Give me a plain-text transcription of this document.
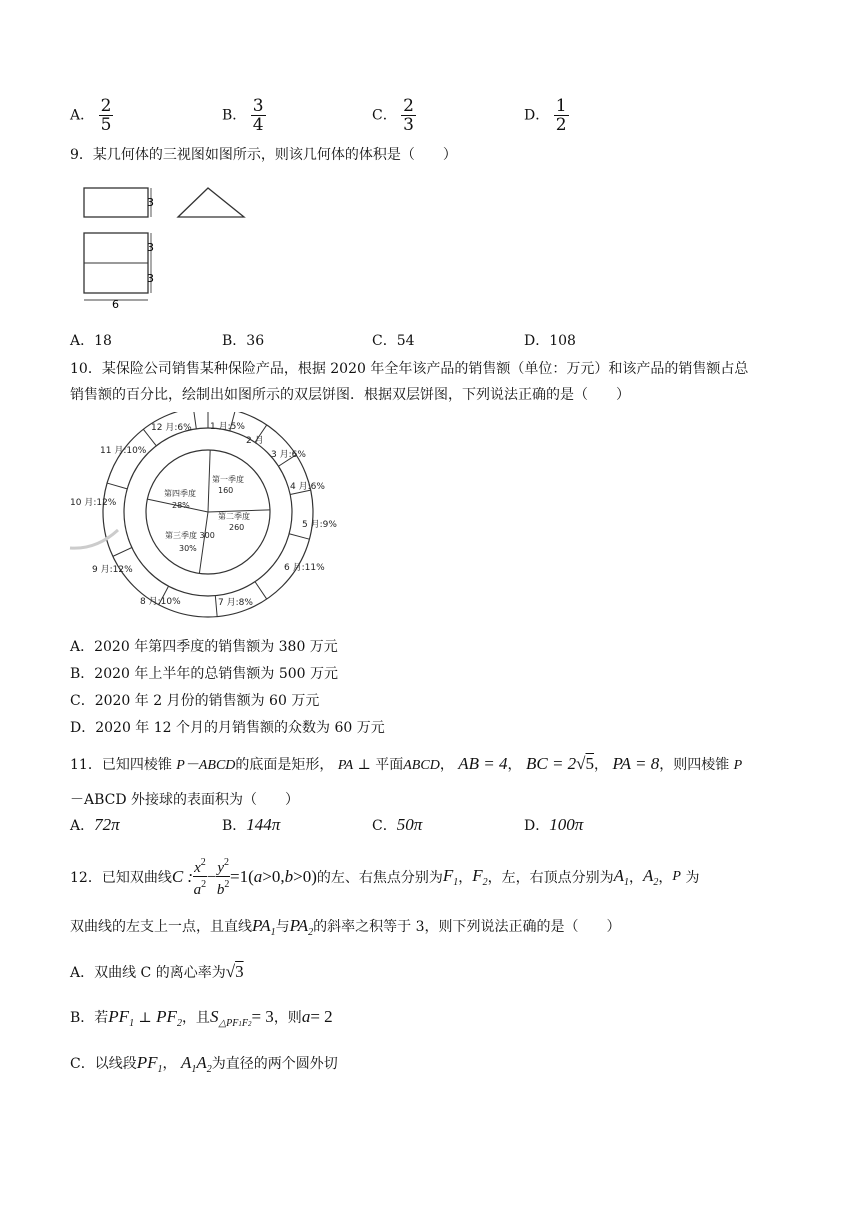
A． $\frac{2}{5}$	B． $\frac{3}{4}$	C． $\frac{2}{3}$	D． $\frac{1}{2}$
9．某几何体的三视图如图所示，则该几何体的体积是（　　）
3
3
3
6
A．18	B．36	C．54	D．108
10．某保险公司销售某种保险产品，根据 2020 年全年该产品的销售额（单位：万元）和该产品的销售额占总
销售额的百分比，绘制出如图所示的双层饼图．根据双层饼图，下列说法正确的是（　　）
12 月:6% 1 月:5%
2 月
3 月:6%
4 月:6%
5 月:9%
6 月:11%
7 月:8%
8 月:10%
9 月:12%
10 月:12%
11 月:10%
第一季度
160
第二季度
260
第三季度 300
30%
第四季度
28%
A．2020 年第四季度的销售额为 380 万元
B．2020 年上半年的总销售额为 500 万元
C．2020 年 2 月份的销售额为 60 万元
D．2020 年 12 个月的月销售额的众数为 60 万元
11．已知四棱锥 P－ABCD的底面是矩形， PA ⊥ 平面ABCD， AB = 4， BC = 2√5， PA = 8，则四棱锥 P
－ABCD 外接球的表面积为（　　）
A．72π	B．144π	C．50π	D．100π
12．已知双曲线 C : $\frac{x^2}{a^2} - \frac{y^2}{b^2} =1(a>0,b>0)$ 的左、右焦点分别为 $F_1$ ， $F_2$ ，左，右顶点分别为 $A_1$ ， $A_2$ ， P
为
双曲线的左支上一点，且直线$PA_1$与$PA_2$的斜率之积等于 3，则下列说法正确的是（　　）
A．双曲线 C 的离心率为√3
B．若$PF_1$ ⊥ $PF_2$，且$S_{\triangle PF1F2}= 3$，则a= 2
C．以线段$PF_1$， $A_1A_2$为直径的两个圆外切
